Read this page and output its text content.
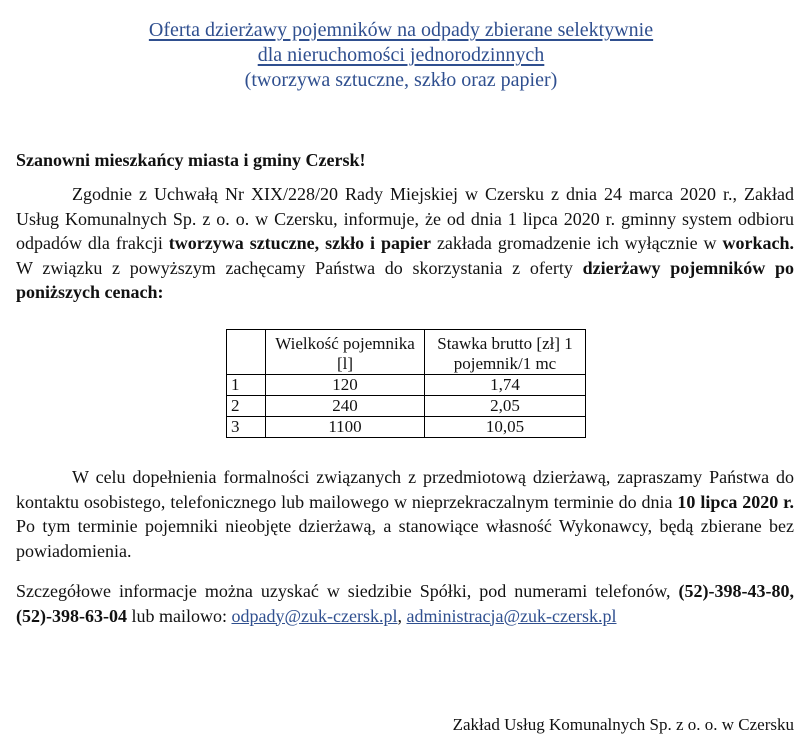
Oferta dzierżawy pojemników na odpady zbierane selektywnie
dla nieruchomości jednorodzinnych
(tworzywa sztuczne, szkło oraz papier)

Szanowni mieszkańcy miasta i gminy Czersk!

Zgodnie z Uchwałą Nr XIX/228/20 Rady Miejskiej w Czersku z dnia 24 marca 2020 r., Zakład Usług Komunalnych Sp. z o. o. w Czersku, informuje, że od dnia 1 lipca 2020 r. gminny system odbioru odpadów dla frakcji tworzywa sztuczne, szkło i papier zakłada gromadzenie ich wyłącznie w workach. W związku z powyższym zachęcamy Państwa do skorzystania z oferty dzierżawy pojemników po poniższych cenach:

	Wielkość pojemnika [l]	Stawka brutto [zł] 1 pojemnik/1 mc
1	120	1,74
2	240	2,05
3	1100	10,05

W celu dopełnienia formalności związanych z przedmiotową dzierżawą, zapraszamy Państwa do kontaktu osobistego, telefonicznego lub mailowego w nieprzekraczalnym terminie do dnia 10 lipca 2020 r. Po tym terminie pojemniki nieobjęte dzierżawą, a stanowiące własność Wykonawcy, będą zbierane bez powiadomienia.

Szczegółowe informacje można uzyskać w siedzibie Spółki, pod numerami telefonów, (52)-398-43-80, (52)-398-63-04 lub mailowo: odpady@zuk-czersk.pl, administracja@zuk-czersk.pl

Zakład Usług Komunalnych Sp. z o. o. w Czersku
